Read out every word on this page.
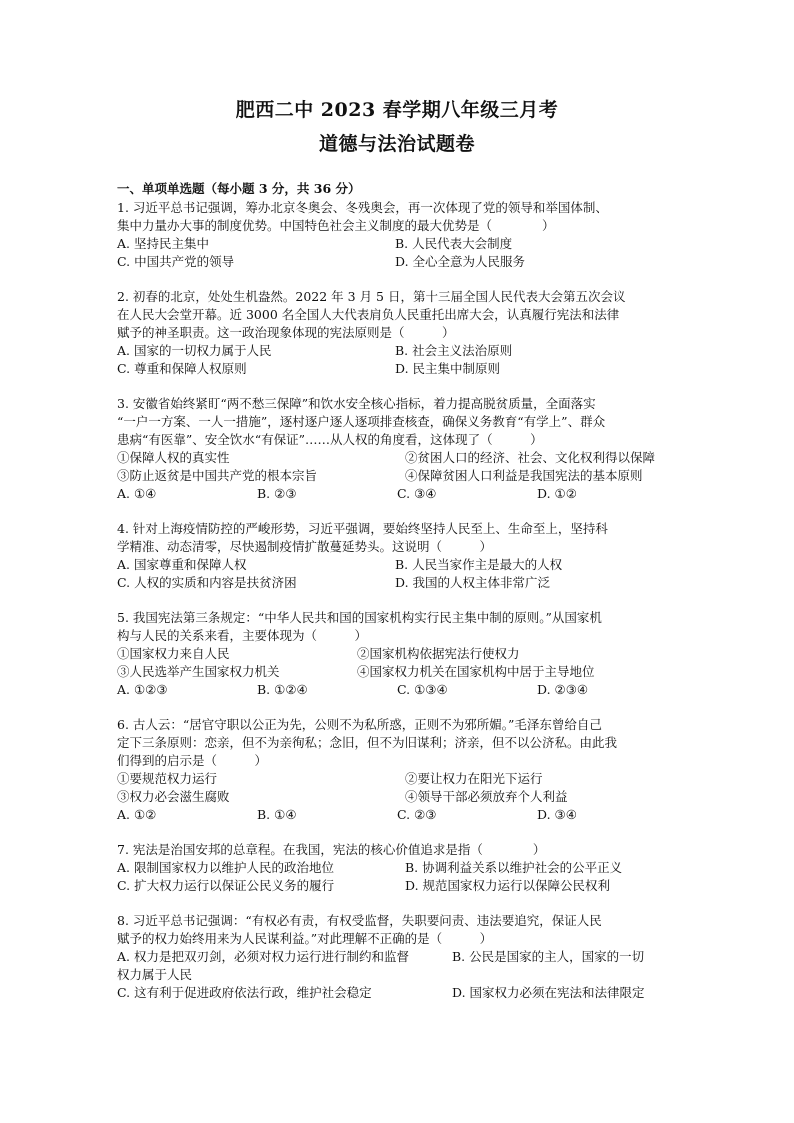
肥西二中 2023 春学期八年级三月考
道德与法治试题卷
一、单项单选题（每小题 3 分，共 36 分）
1. 习近平总书记强调，筹办北京冬奥会、冬残奥会，再一次体现了党的领导和举国体制、
集中力量办大事的制度优势。中国特色社会主义制度的最大优势是（　　　　）
A. 坚持民主集中	B. 人民代表大会制度
C. 中国共产党的领导	D. 全心全意为人民服务
2. 初春的北京，处处生机盎然。2022 年 3 月 5 日，第十三届全国人民代表大会第五次会议
在人民大会堂开幕。近 3000 名全国人大代表肩负人民重托出席大会，认真履行宪法和法律
赋予的神圣职责。这一政治现象体现的宪法原则是（　　　）
A. 国家的一切权力属于人民	B. 社会主义法治原则
C. 尊重和保障人权原则	D. 民主集中制原则
3. 安徽省始终紧盯“两不愁三保障”和饮水安全核心指标，着力提高脱贫质量，全面落实
“一户一方案、一人一措施”，逐村逐户逐人逐项排查核查，确保义务教育“有学上”、群众
患病“有医靠”、安全饮水“有保证”……从人权的角度看，这体现了（　　　）
①保障人权的真实性	②贫困人口的经济、社会、文化权利得以保障
③防止返贫是中国共产党的根本宗旨	④保障贫困人口利益是我国宪法的基本原则
A. ①④	B. ②③	C. ③④	D. ①②
4. 针对上海疫情防控的严峻形势，习近平强调，要始终坚持人民至上、生命至上，坚持科
学精准、动态清零，尽快遏制疫情扩散蔓延势头。这说明（　　　）
A. 国家尊重和保障人权	B. 人民当家作主是最大的人权
C. 人权的实质和内容是扶贫济困	D. 我国的人权主体非常广泛
5. 我国宪法第三条规定：“中华人民共和国的国家机构实行民主集中制的原则。”从国家机
构与人民的关系来看，主要体现为（　　　）
①国家权力来自人民	②国家机构依据宪法行使权力
③人民选举产生国家权力机关	④国家权力机关在国家机构中居于主导地位
A. ①②③	B. ①②④	C. ①③④	D. ②③④
6. 古人云：“居官守职以公正为先，公则不为私所惑，正则不为邪所媚。”毛泽东曾给自己
定下三条原则：恋亲，但不为亲徇私；念旧，但不为旧谋利；济亲，但不以公济私。由此我
们得到的启示是（　　　）
①要规范权力运行	②要让权力在阳光下运行
③权力必会滋生腐败	④领导干部必须放弃个人利益
A. ①②	B. ①④	C. ②③	D. ③④
7. 宪法是治国安邦的总章程。在我国，宪法的核心价值追求是指（　　　　）
A. 限制国家权力以维护人民的政治地位	B. 协调利益关系以维护社会的公平正义
C. 扩大权力运行以保证公民义务的履行	D. 规范国家权力运行以保障公民权利
8. 习近平总书记强调：“有权必有责，有权受监督，失职要问责、违法要追究，保证人民
赋予的权力始终用来为人民谋利益。”对此理解不正确的是（　　　）
A. 权力是把双刃剑，必须对权力运行进行制约和监督	B. 公民是国家的主人，国家的一切
权力属于人民
C. 这有利于促进政府依法行政，维护社会稳定	D. 国家权力必须在宪法和法律限定
